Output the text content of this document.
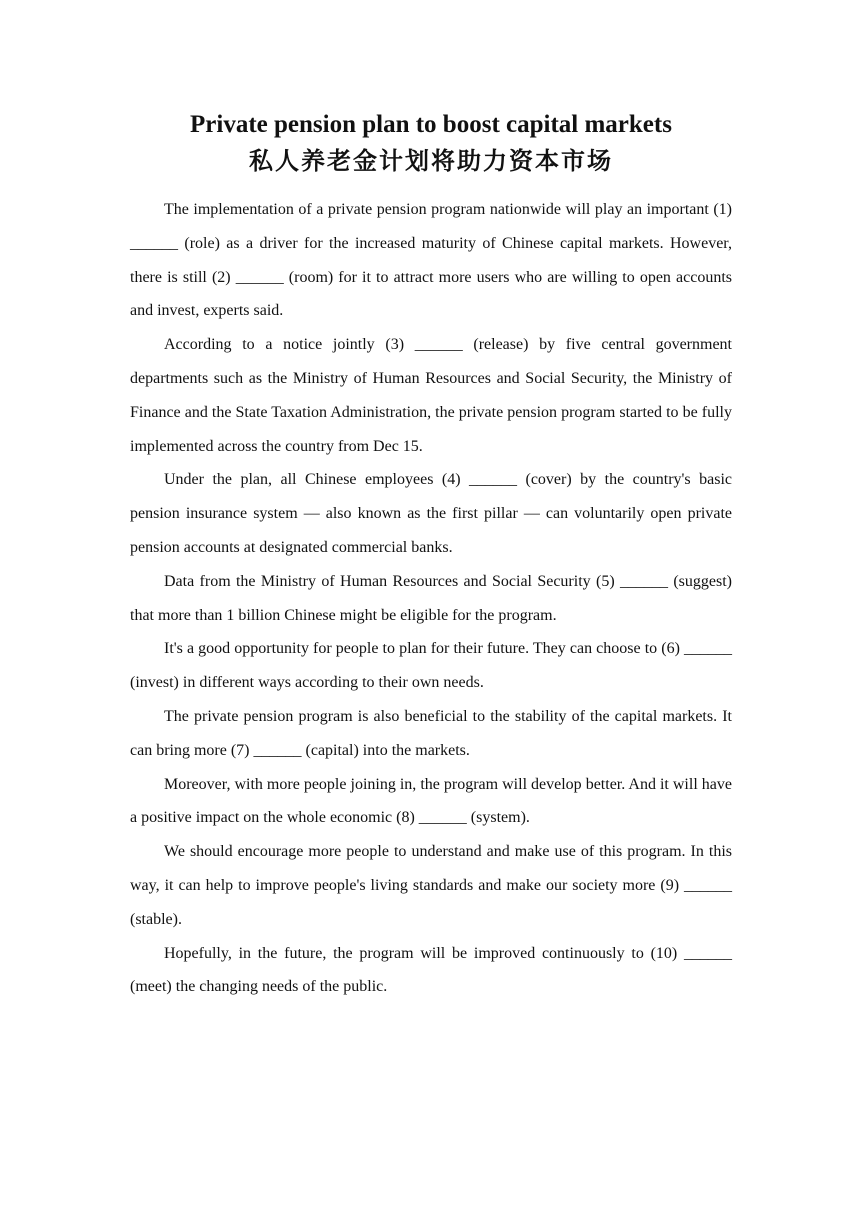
Private pension plan to boost capital markets
私人养老金计划将助力资本市场

The implementation of a private pension program nationwide will play an important (1) ______ (role) as a driver for the increased maturity of Chinese capital markets. However, there is still (2) ______ (room) for it to attract more users who are willing to open accounts and invest, experts said.

According to a notice jointly (3) ______ (release) by five central government departments such as the Ministry of Human Resources and Social Security, the Ministry of Finance and the State Taxation Administration, the private pension program started to be fully implemented across the country from Dec 15.

Under the plan, all Chinese employees (4) ______ (cover) by the country's basic pension insurance system — also known as the first pillar — can voluntarily open private pension accounts at designated commercial banks.

Data from the Ministry of Human Resources and Social Security (5) ______ (suggest) that more than 1 billion Chinese might be eligible for the program.

It's a good opportunity for people to plan for their future. They can choose to (6) ______ (invest) in different ways according to their own needs.

The private pension program is also beneficial to the stability of the capital markets. It can bring more (7) ______ (capital) into the markets.

Moreover, with more people joining in, the program will develop better. And it will have a positive impact on the whole economic (8) ______ (system).

We should encourage more people to understand and make use of this program. In this way, it can help to improve people's living standards and make our society more (9) ______ (stable).

Hopefully, in the future, the program will be improved continuously to (10) ______ (meet) the changing needs of the public.
